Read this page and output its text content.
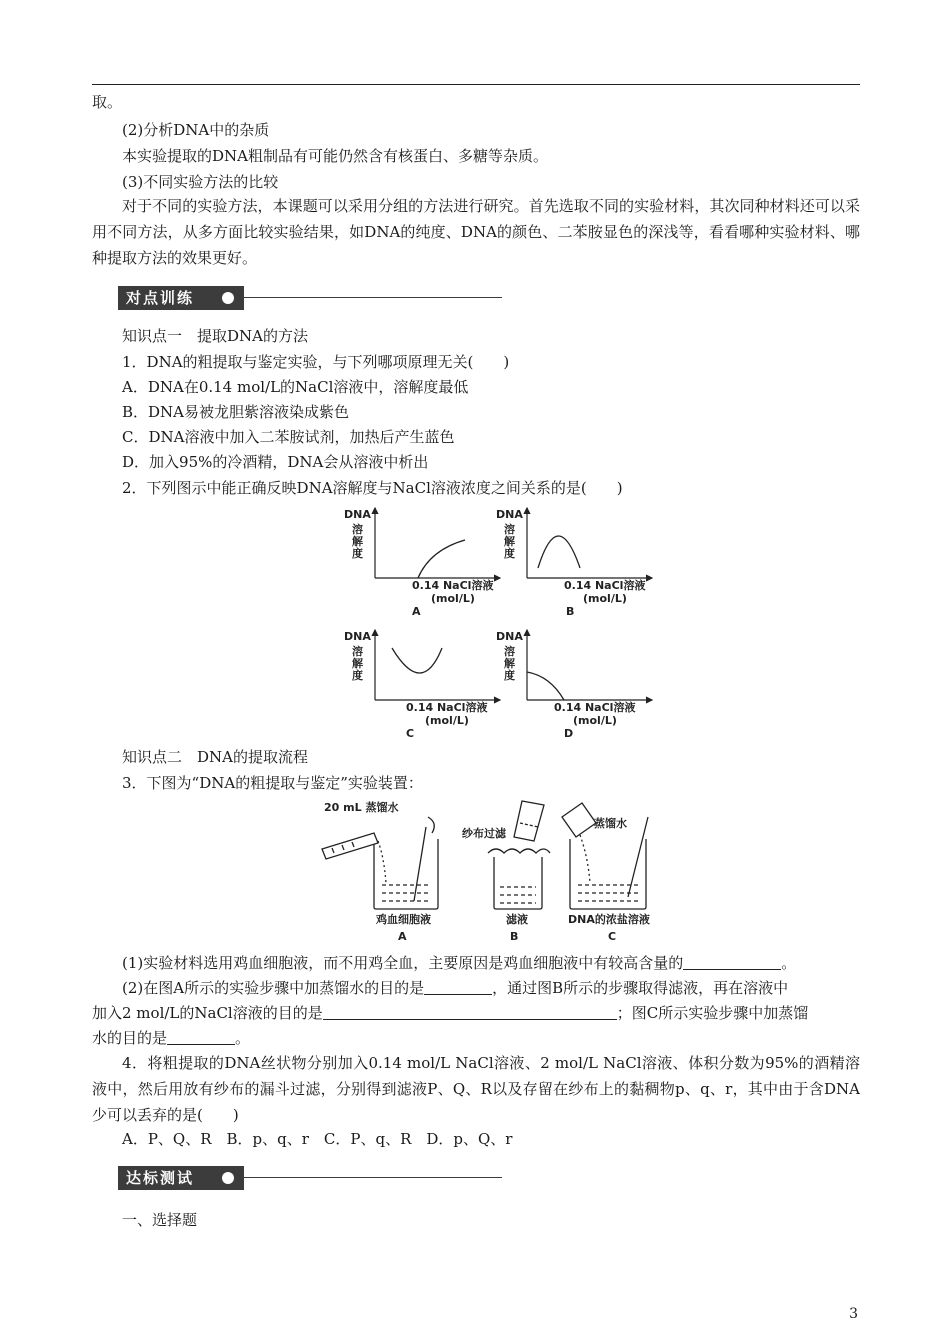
取。
(2)分析DNA中的杂质
本实验提取的DNA粗制品有可能仍然含有核蛋白、多糖等杂质。
(3)不同实验方法的比较
对于不同的实验方法，本课题可以采用分组的方法进行研究。首先选取不同的实验材料，其次同种材料还可以采用不同方法，从多方面比较实验结果，如DNA的纯度、DNA的颜色、二苯胺显色的深浅等，看看哪种实验材料、哪种提取方法的效果更好。
对点训练
知识点一　提取DNA的方法
1．DNA的粗提取与鉴定实验，与下列哪项原理无关(　　)
A．DNA在0.14 mol/L的NaCl溶液中，溶解度最低
B．DNA易被龙胆紫溶液染成紫色
C．DNA溶液中加入二苯胺试剂，加热后产生蓝色
D．加入95%的冷酒精，DNA会从溶液中析出
2．下列图示中能正确反映DNA溶解度与NaCl溶液浓度之间关系的是(　　)
DNA
溶
解
度
0.14 NaCl溶液
(mol/L)
A
DNA
溶
解
度
0.14 NaCl溶液
(mol/L)
B
DNA
溶
解
度
0.14 NaCl溶液
(mol/L)
C
DNA
溶
解
度
0.14 NaCl溶液
(mol/L)
D
知识点二　DNA的提取流程
3．下图为“DNA的粗提取与鉴定”实验装置：
20 mL 蒸馏水
纱布过滤
蒸馏水
鸡血细胞液	滤液	DNA的浓盐溶液
A	B	C
(1)实验材料选用鸡血细胞液，而不用鸡全血，主要原因是鸡血细胞液中有较高含量的	。
(2)在图A所示的实验步骤中加蒸馏水的目的是	，通过图B所示的步骤取得滤液，再在溶液中
加入2 mol/L的NaCl溶液的目的是	；图C所示实验步骤中加蒸馏
水的目的是	。
4．将粗提取的DNA丝状物分别加入0.14 mol/L NaCl溶液、2 mol/L NaCl溶液、体积分数为95%的酒精溶液中，然后用放有纱布的漏斗过滤，分别得到滤液P、Q、R以及存留在纱布上的黏稠物p、q、r，其中由于含DNA少可以丢弃的是(　　)
A．P、Q、R　B．p、q、r　C．P、q、R　D．p、Q、r
达标测试
一、选择题
3
